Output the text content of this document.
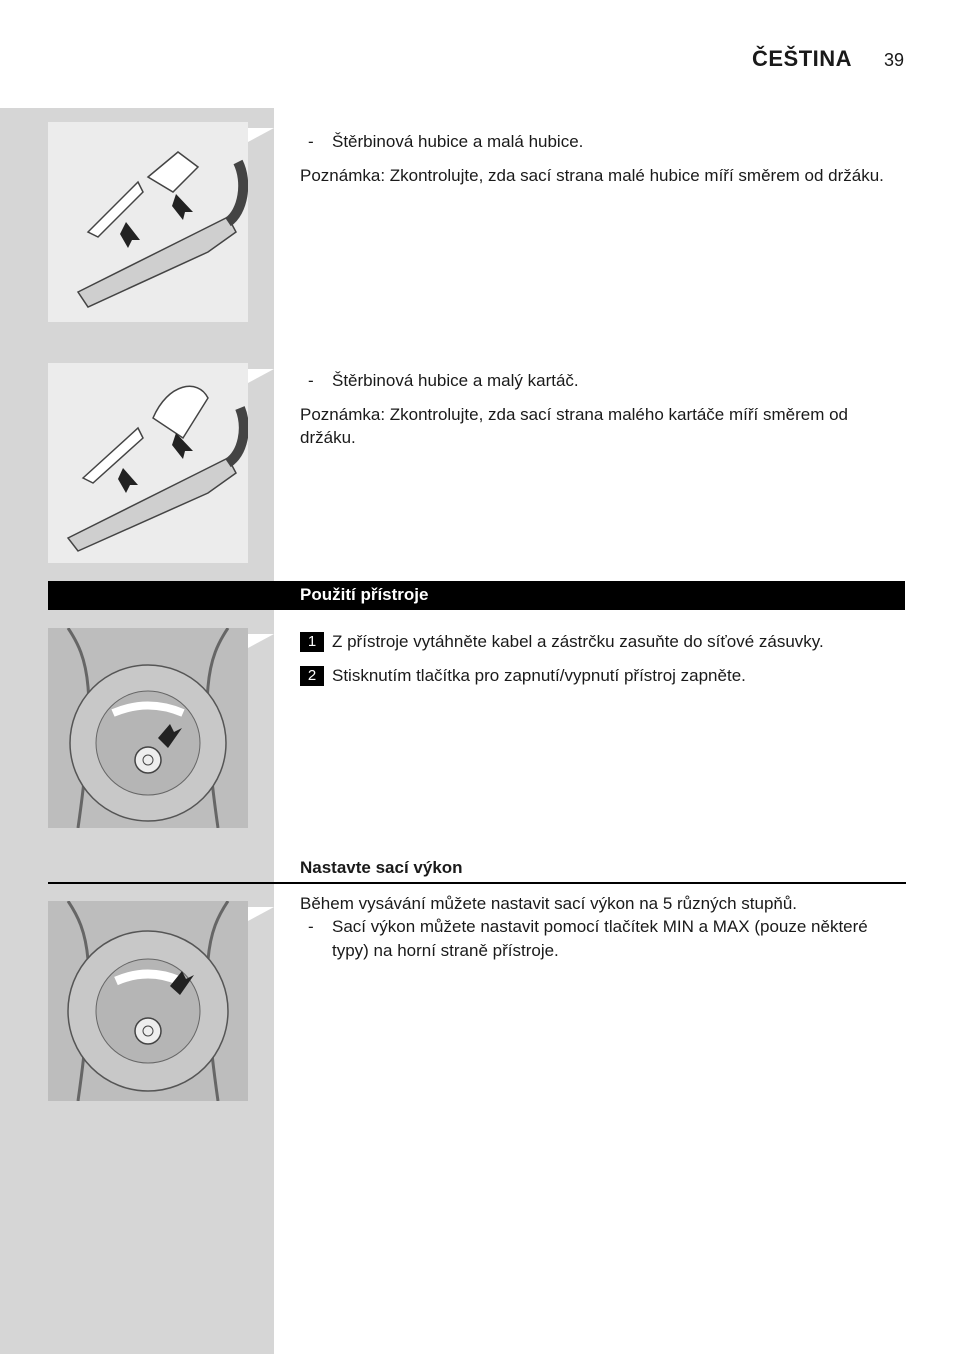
ČEŠTINA 39
- Štěrbinová hubice a malá hubice.
Poznámka: Zkontrolujte, zda sací strana malé hubice míří směrem od držáku.
- Štěrbinová hubice a malý kartáč.
Poznámka: Zkontrolujte, zda sací strana malého kartáče míří směrem od držáku.
Použití přístroje
1 Z přístroje vytáhněte kabel a zástrčku zasuňte do síťové zásuvky.
2 Stisknutím tlačítka pro zapnutí/vypnutí přístroj zapněte.
Nastavte sací výkon
Během vysávání můžete nastavit sací výkon na 5 různých stupňů.
- Sací výkon můžete nastavit pomocí tlačítek MIN a MAX (pouze některé typy) na horní straně přístroje.
